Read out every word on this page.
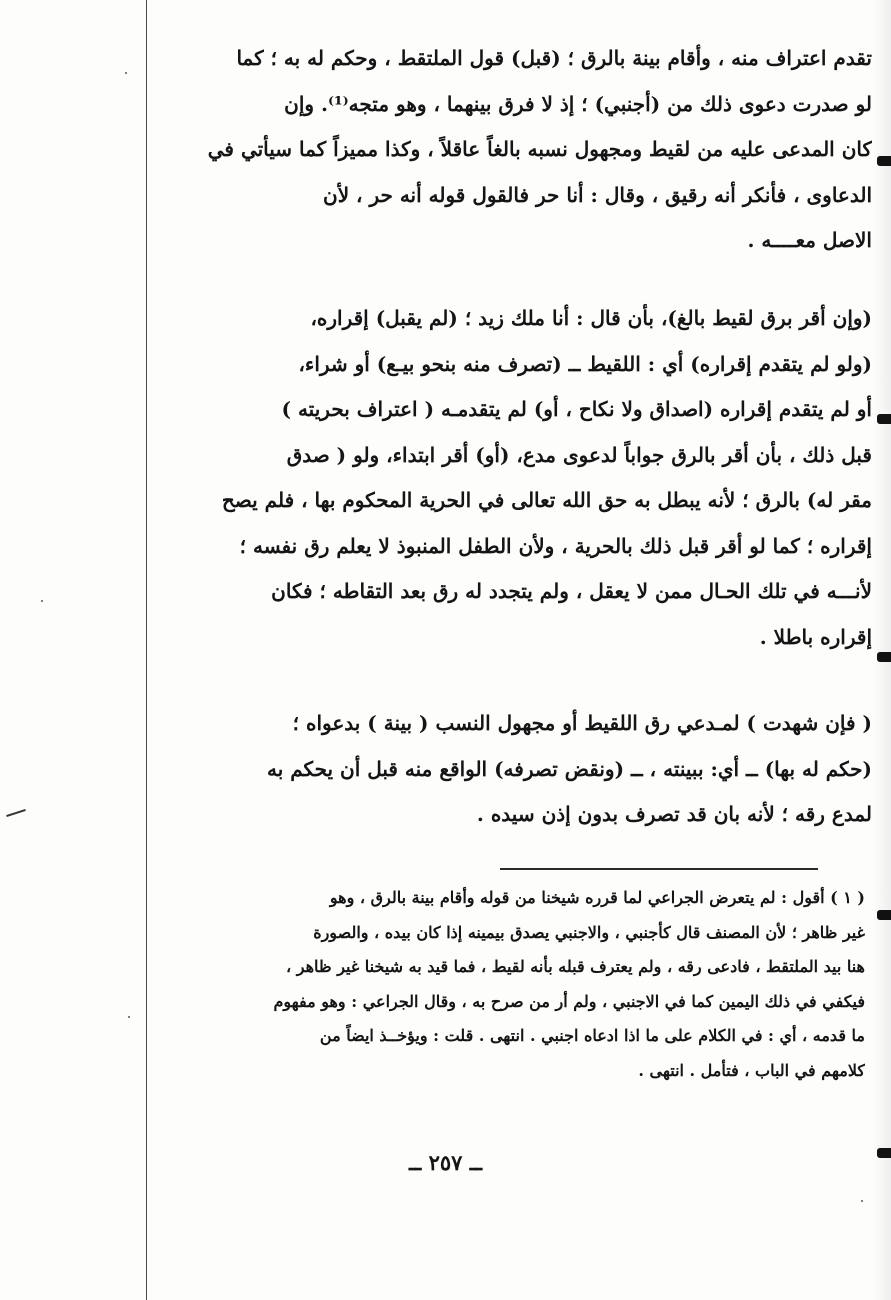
تقدم اعتراف منه ، وأقام بينة بالرق ؛ (قبل) قول الملتقط ، وحكم له به ؛ كما
لو صدرت دعوى ذلك من (أجنبي) ؛ إذ لا فرق بينهما ، وهو متجه⁽¹⁾. وإن
كان المدعى عليه من لقيط ومجهول نسبه بالغاً عاقلاً ، وكذا مميزاً كما سيأتي في
الدعاوى ، فأنكر أنه رقيق ، وقال : أنا حر فالقول قوله أنه حر ، لأن
الاصل معــــه .
(وإن أقر برق لقيط بالغ)، بأن قال : أنا ملك زيد ؛ (لم يقبل) إقراره،
(ولو لم يتقدم إقراره) أي : اللقيط ــ (تصرف منه بنحو بيـع) أو شراء،
أو لم يتقدم إقراره (اصداق ولا نكاح ، أو) لم يتقدمـه ( اعتراف بحريته )
قبل ذلك ، بأن أقر بالرق جواباً لدعوى مدع، (أو) أقر ابتداء، ولو ( صدق
مقر له) بالرق ؛ لأنه يبطل به حق الله تعالى في الحرية المحكوم بها ، فلم يصح
إقراره ؛ كما لو أقر قبل ذلك بالحرية ، ولأن الطفل المنبوذ لا يعلم رق نفسه ؛
لأنـــه في تلك الحـال ممن لا يعقل ، ولم يتجدد له رق بعد التقاطه ؛ فكان
إقراره باطلا .
( فإن شهدت ) لمـدعي رق اللقيط أو مجهول النسب ( بينة ) بدعواه ؛
(حكم له بها) ــ أي: ببينته ، ــ (ونقض تصرفه) الواقع منه قبل أن يحكم به
لمدع رقه ؛ لأنه بان قد تصرف بدون إذن سيده .
( ١ ) أقول : لم يتعرض الجراعي لما قرره شيخنا من قوله وأقام بينة بالرق ، وهو
غير ظاهر ؛ لأن المصنف قال كأجنبي ، والاجنبي يصدق بيمينه إذا كان بيده ، والصورة
هنا بيد الملتقط ، فادعى رقه ، ولم يعترف قبله بأنه لقيط ، فما قيد به شيخنا غير ظاهر ،
فيكفي في ذلك اليمين كما في الاجنبي ، ولم أر من صرح به ، وقال الجراعي : وهو مفهوم
ما قدمه ، أي : في الكلام على ما اذا ادعاه اجنبي . انتهى . قلت : ويؤخــذ ايضاً من
كلامهم في الباب ، فتأمل . انتهى .
ــ ٢٥٧ ــ
